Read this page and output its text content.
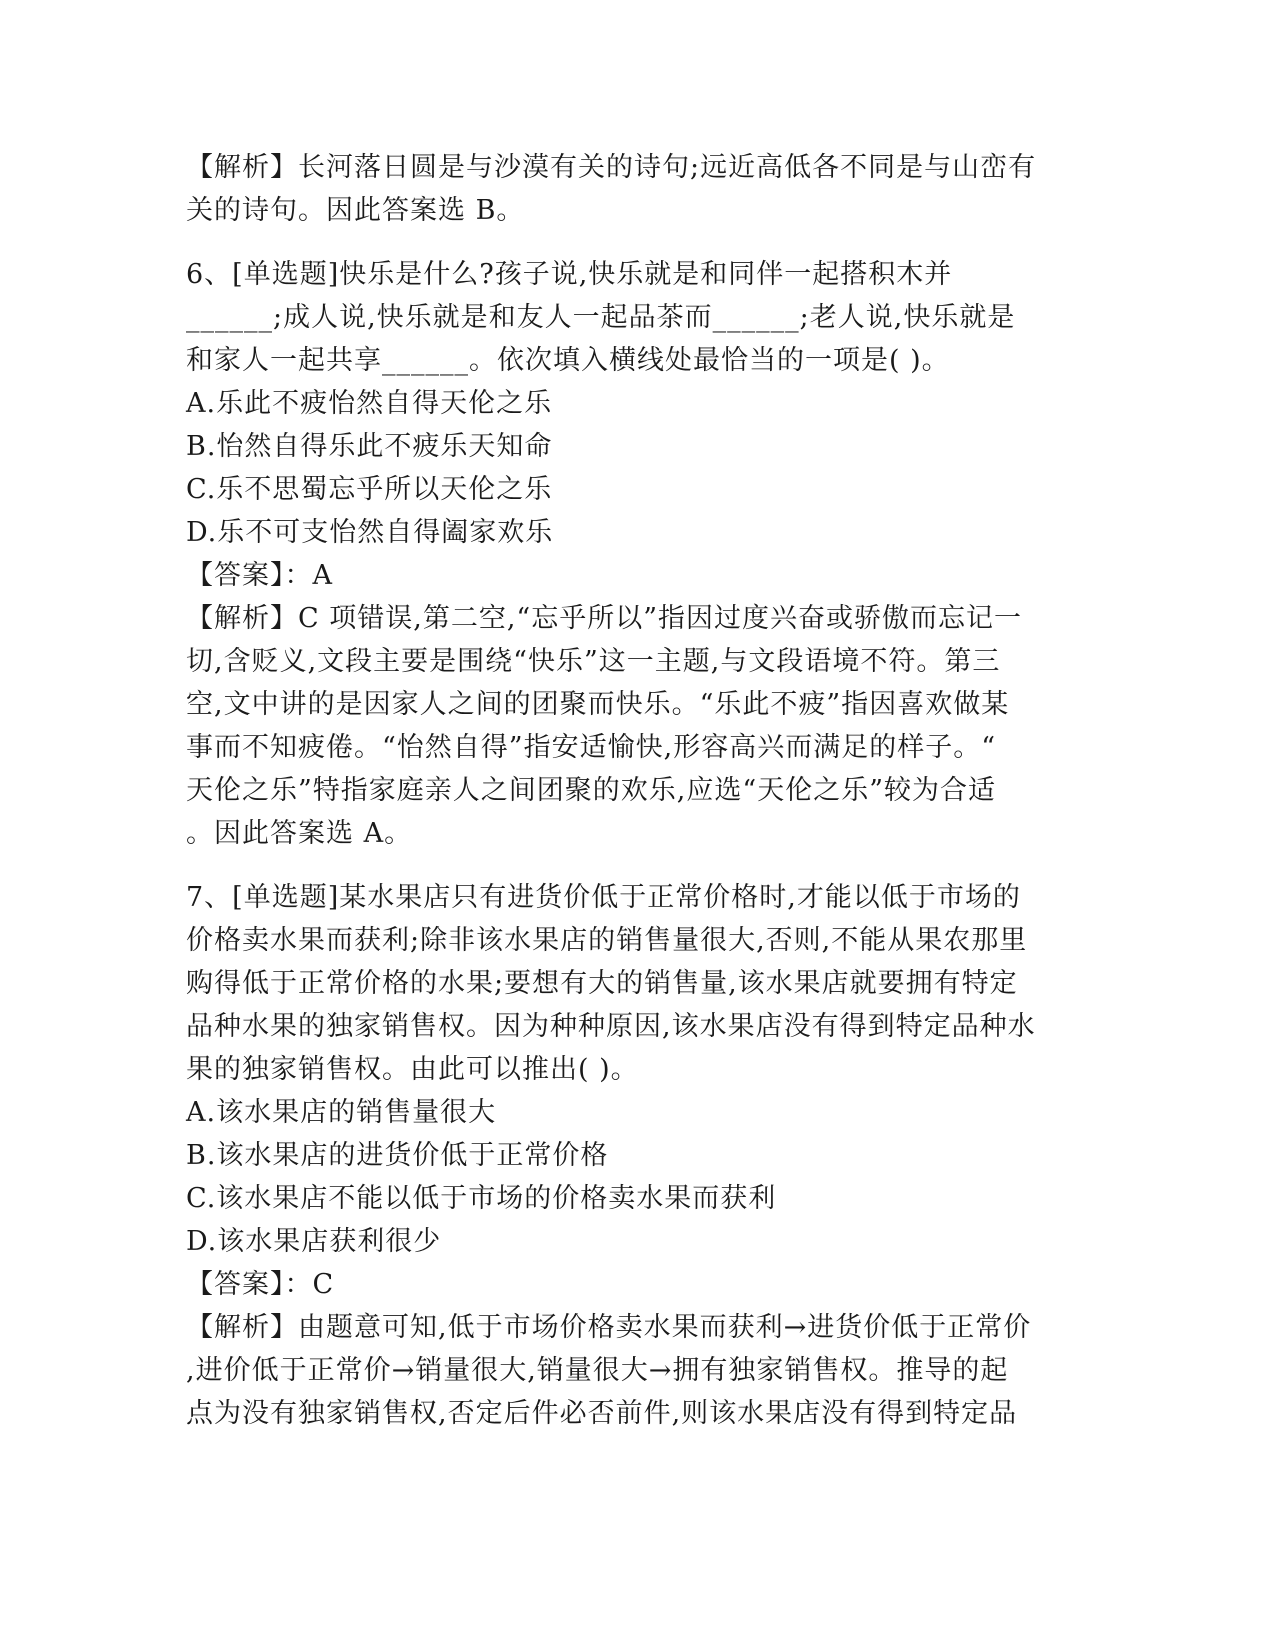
【解析】长河落日圆是与沙漠有关的诗句;远近高低各不同是与山峦有
关的诗句。因此答案选 B。
6、[单选题]快乐是什么?孩子说,快乐就是和同伴一起搭积木并
______;成人说,快乐就是和友人一起品茶而______;老人说,快乐就是
和家人一起共享______。依次填入横线处最恰当的一项是( )。
A.乐此不疲怡然自得天伦之乐
B.怡然自得乐此不疲乐天知命
C.乐不思蜀忘乎所以天伦之乐
D.乐不可支怡然自得阖家欢乐
【答案】：A
【解析】C 项错误,第二空,“忘乎所以”指因过度兴奋或骄傲而忘记一
切,含贬义,文段主要是围绕“快乐”这一主题,与文段语境不符。第三
空,文中讲的是因家人之间的团聚而快乐。“乐此不疲”指因喜欢做某
事而不知疲倦。“怡然自得”指安适愉快,形容高兴而满足的样子。“
天伦之乐”特指家庭亲人之间团聚的欢乐,应选“天伦之乐”较为合适
。因此答案选 A。
7、[单选题]某水果店只有进货价低于正常价格时,才能以低于市场的
价格卖水果而获利;除非该水果店的销售量很大,否则,不能从果农那里
购得低于正常价格的水果;要想有大的销售量,该水果店就要拥有特定
品种水果的独家销售权。因为种种原因,该水果店没有得到特定品种水
果的独家销售权。由此可以推出( )。
A.该水果店的销售量很大
B.该水果店的进货价低于正常价格
C.该水果店不能以低于市场的价格卖水果而获利
D.该水果店获利很少
【答案】：C
【解析】由题意可知,低于市场价格卖水果而获利→进货价低于正常价
,进价低于正常价→销量很大,销量很大→拥有独家销售权。推导的起
点为没有独家销售权,否定后件必否前件,则该水果店没有得到特定品
